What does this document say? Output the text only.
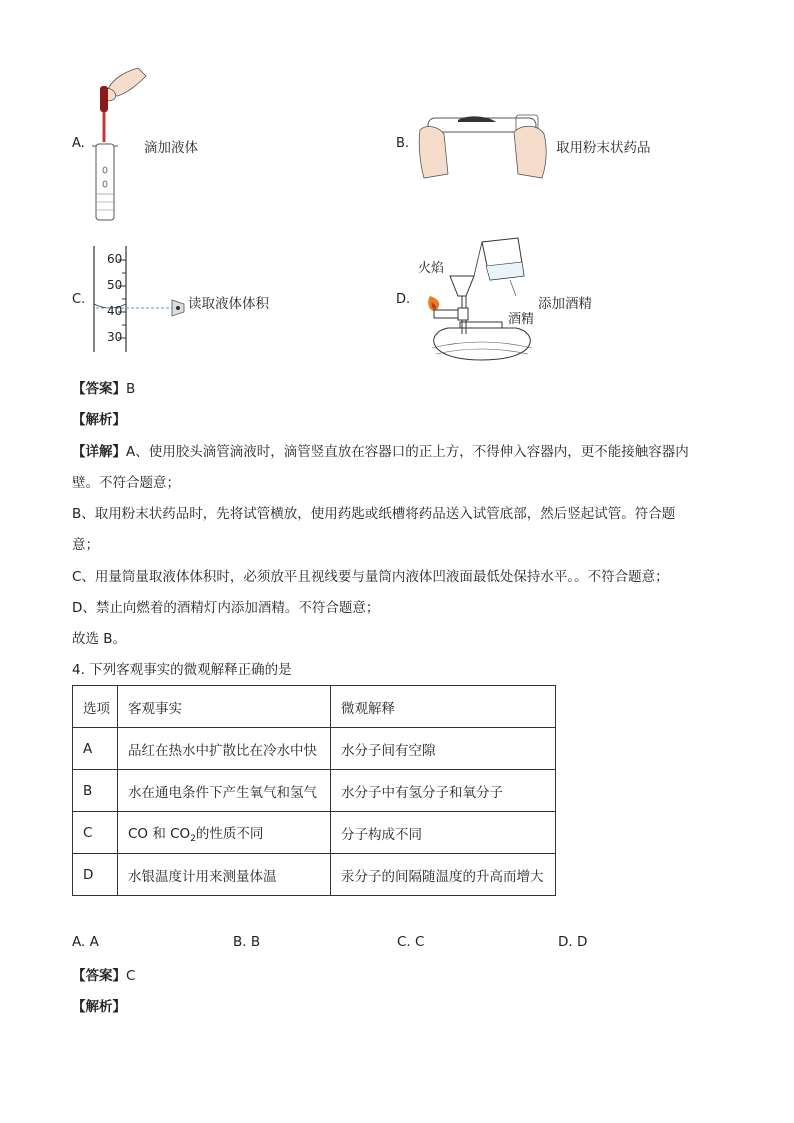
A.	滴加液体	B.	取用粉末状药品
C.
60
50
40
30
读取液体体积	D.
火焰
酒精
添加酒精
【答案】B
【解析】
【详解】A、使用胶头滴管滴液时，滴管竖直放在容器口的正上方，不得伸入容器内，更不能接触容器内
壁。不符合题意；
B、取用粉末状药品时，先将试管横放，使用药匙或纸槽将药品送入试管底部，然后竖起试管。符合题
意；
C、用量筒量取液体体积时，必须放平且视线要与量筒内液体凹液面最低处保持水平。。不符合题意；
D、禁止向燃着的酒精灯内添加酒精。不符合题意；
故选 B。
4. 下列客观事实的微观解释正确的是
选项	客观事实	微观解释
A	品红在热水中扩散比在冷水中快	水分子间有空隙
B	水在通电条件下产生氧气和氢气	水分子中有氢分子和氧分子
C	CO 和 $CO_2$的性质不同	分子构成不同
D	水银温度计用来测量体温	汞分子的间隔随温度的升高而增大
A. A	B. B	C. C	D. D
【答案】C
【解析】
